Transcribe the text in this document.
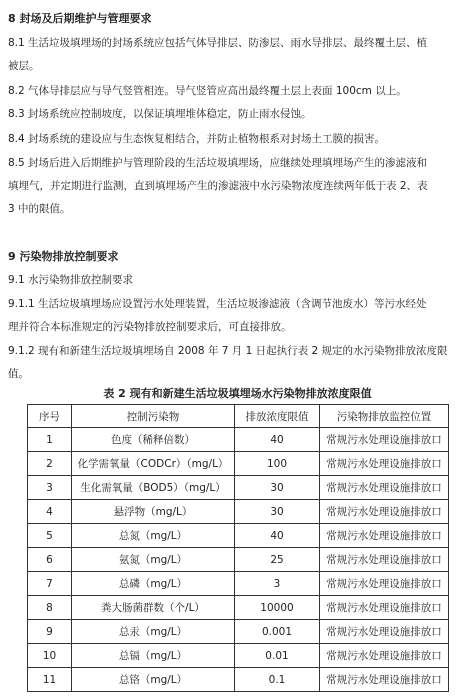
8 封场及后期维护与管理要求
8.1 生活垃圾填埋场的封场系统应包括气体导排层、防渗层、雨水导排层、最终覆土层、植
被层。
8.2 气体导排层应与导气竖管相连。导气竖管应高出最终覆土层上表面 100cm 以上。
8.3 封场系统应控制坡度，以保证填埋堆体稳定，防止雨水侵蚀。
8.4 封场系统的建设应与生态恢复相结合，并防止植物根系对封场土工膜的损害。
8.5 封场后进入后期维护与管理阶段的生活垃圾填埋场，应继续处理填埋场产生的渗滤液和
填埋气，并定期进行监测，直到填埋场产生的渗滤液中水污染物浓度连续两年低于表 2、表
3 中的限值。
9 污染物排放控制要求
9.1 水污染物排放控制要求
9.1.1 生活垃圾填埋场应设置污水处理装置，生活垃圾渗滤液（含调节池废水）等污水经处
理并符合本标准规定的污染物排放控制要求后，可直接排放。
9.1.2 现有和新建生活垃圾填埋场自 2008 年 7 月 1 日起执行表 2 规定的水污染物排放浓度限
值。
表 2 现有和新建生活垃圾填埋场水污染物排放浓度限值
序号	控制污染物	排放浓度限值	污染物排放监控位置
1	色度（稀释倍数）	40	常规污水处理设施排放口
2	化学需氧量（CODCr）（mg/L）	100	常规污水处理设施排放口
3	生化需氧量（BOD5）（mg/L）	30	常规污水处理设施排放口
4	悬浮物（mg/L）	30	常规污水处理设施排放口
5	总氮（mg/L）	40	常规污水处理设施排放口
6	氨氮（mg/L）	25	常规污水处理设施排放口
7	总磷（mg/L）	3	常规污水处理设施排放口
8	粪大肠菌群数（个/L）	10000	常规污水处理设施排放口
9	总汞（mg/L）	0.001	常规污水处理设施排放口
10	总镉（mg/L）	0.01	常规污水处理设施排放口
11	总铬（mg/L）	0.1	常规污水处理设施排放口
